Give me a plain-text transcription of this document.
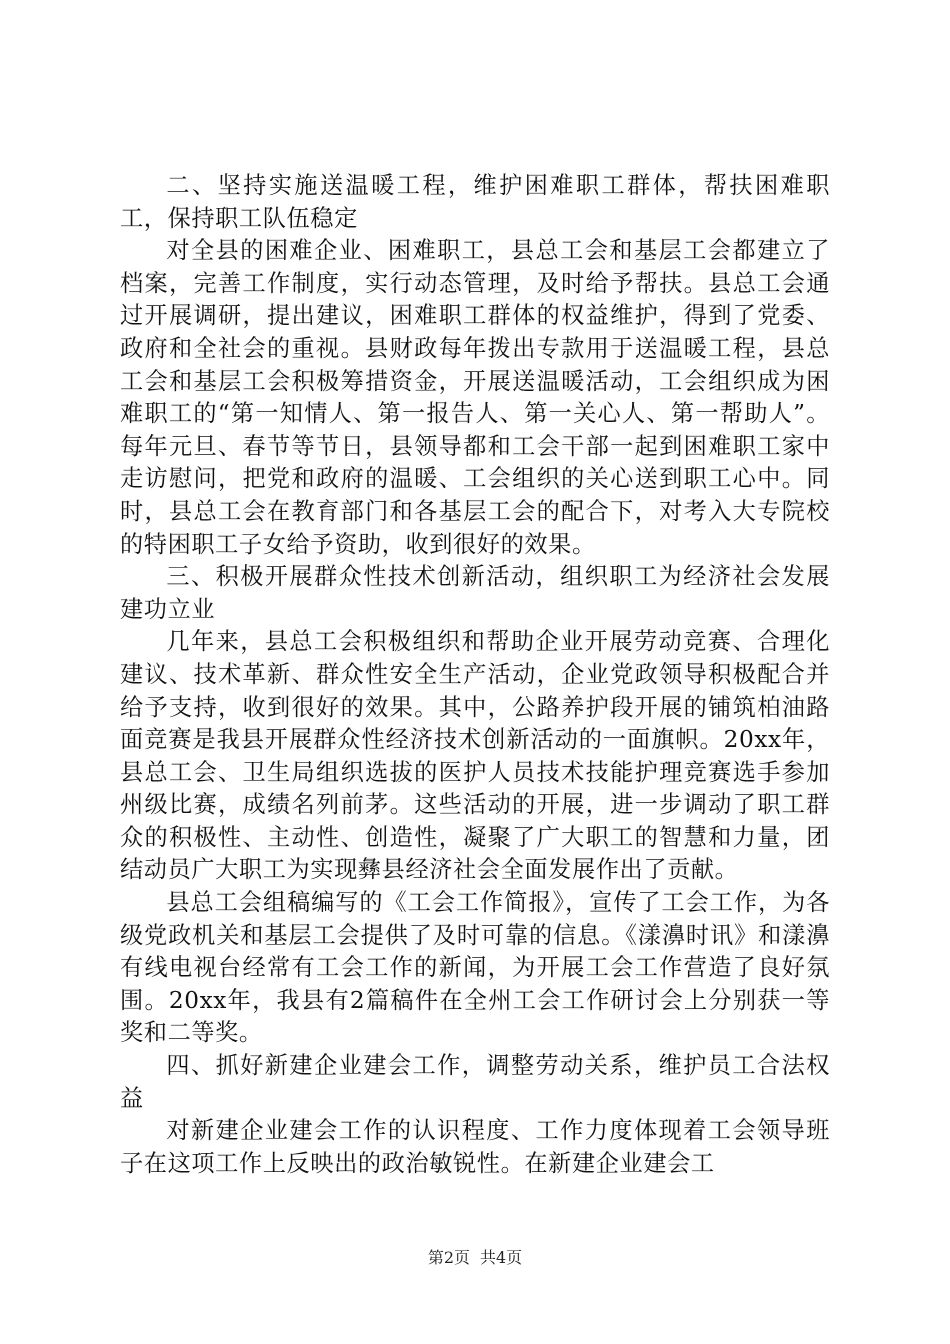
二、坚持实施送温暖工程，维护困难职工群体，帮扶困难职工，保持职工队伍稳定

对全县的困难企业、困难职工，县总工会和基层工会都建立了档案，完善工作制度，实行动态管理，及时给予帮扶。县总工会通过开展调研，提出建议，困难职工群体的权益维护，得到了党委、政府和全社会的重视。县财政每年拨出专款用于送温暖工程，县总工会和基层工会积极筹措资金，开展送温暖活动，工会组织成为困难职工的“第一知情人、第一报告人、第一关心人、第一帮助人”。每年元旦、春节等节日，县领导都和工会干部一起到困难职工家中走访慰问，把党和政府的温暖、工会组织的关心送到职工心中。同时，县总工会在教育部门和各基层工会的配合下，对考入大专院校的特困职工子女给予资助，收到很好的效果。

三、积极开展群众性技术创新活动，组织职工为经济社会发展建功立业

几年来，县总工会积极组织和帮助企业开展劳动竞赛、合理化建议、技术革新、群众性安全生产活动，企业党政领导积极配合并给予支持，收到很好的效果。其中，公路养护段开展的铺筑柏油路面竞赛是我县开展群众性经济技术创新活动的一面旗帜。20xx年，县总工会、卫生局组织选拔的医护人员技术技能护理竞赛选手参加州级比赛，成绩名列前茅。这些活动的开展，进一步调动了职工群众的积极性、主动性、创造性，凝聚了广大职工的智慧和力量，团结动员广大职工为实现彝县经济社会全面发展作出了贡献。

县总工会组稿编写的《工会工作简报》，宣传了工会工作，为各级党政机关和基层工会提供了及时可靠的信息。《漾濞时讯》和漾濞有线电视台经常有工会工作的新闻，为开展工会工作营造了良好氛围。20xx年，我县有2篇稿件在全州工会工作研讨会上分别获一等奖和二等奖。

四、抓好新建企业建会工作，调整劳动关系，维护员工合法权益

对新建企业建会工作的认识程度、工作力度体现着工会领导班子在这项工作上反映出的政治敏锐性。在新建企业建会工

第2页 共4页
